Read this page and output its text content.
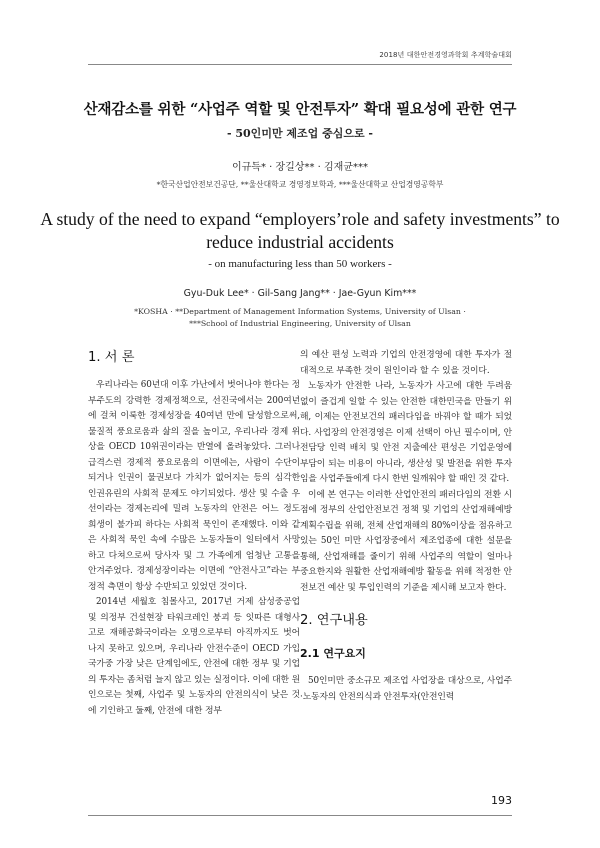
2018년 대한안전경영과학회 추계학술대회
산재감소를 위한 “사업주 역할 및 안전투자” 확대 필요성에 관한 연구
- 50인미만 제조업 중심으로 -
이규득* · 장길상** · 김재균***
*한국산업안전보건공단, **울산대학교 경영정보학과, ***울산대학교 산업경영공학부
A study of the need to expand “employers’role and safety investments” to reduce industrial accidents
- on manufacturing less than 50 workers -
Gyu-Duk Lee* · Gil-Sang Jang** · Jae-Gyun Kim***
*KOSHA · **Department of Management Information Systems, University of Ulsan ·
***School of Industrial Engineering, University of Ulsan
1. 서 론

우리나라는 60년대 이후 가난에서 벗어나야 한다는 정부주도의 강력한 경제정책으로, 선진국에서는 200여년에 걸쳐 이룩한 경제성장을 40여년 만에 달성함으로써, 물질적 풍요로움과 삶의 질을 높이고, 우리나라 경제 위상을 OECD 10위권이라는 반열에 올려놓았다. 그러나 급격스런 경제적 풍요로움의 이면에는, 사람이 수단이 되거나 인권이 물권보다 가치가 없어지는 등의 심각한 인권유린의 사회적 문제도 야기되었다. 생산 및 수출 우선이라는 경제논리에 밀려 노동자의 안전은 어느 정도 희생이 불가피 하다는 사회적 묵인이 존재했다. 이와 같은 사회적 묵인 속에 수많은 노동자들이 일터에서 사망하고 다쳐으로써 당사자 및 그 가족에게 엄청난 고통을 안겨주었다. 경제성장이라는 이면에 “안전사고”라는 부정적 측면이 항상 수반되고 있었던 것이다.

2014년 세월호 침몰사고, 2017년 거제 삼성중공업 및 의정부 건설현장 타워크레인 붕괴 등 잇따른 대형사고로 재해공화국이라는 오명으로부터 아직까지도 벗어나지 못하고 있으며, 우리나라 안전수준이 OECD 가입국가중 가장 낮은 단계임에도, 안전에 대한 정부 및 기업의 투자는 좀처럼 늘지 않고 있는 실정이다. 이에 대한 원인으로는 첫째, 사업주 및 노동자의 안전의식이 낮은 것에 기인하고 둘째, 안전에 대한 정부

의 예산 편성 노력과 기업의 안전경영에 대한 투자가 절대적으로 부족한 것이 원인이라 할 수 있을 것이다.

노동자가 안전한 나라, 노동자가 사고에 대한 두려움 없이 즐겁게 일할 수 있는 안전한 대한민국을 만들기 위해, 이제는 안전보건의 패러다임을 바꿔야 할 때가 되었다. 사업장의 안전경영은 이제 선택이 아닌 필수이며, 안전담당 인력 배치 및 안전 지출예산 편성은 기업운영에 부담이 되는 비용이 아니라, 생산성 및 발전을 위한 투자임을 사업주들에게 다시 한번 일깨워야 할 때인 것 같다.

이에 본 연구는 이러한 산업안전의 패러다임의 전환 시점에 정부의 산업안전보건 정책 및 기업의 산업재해예방 계획수립을 위해, 전체 산업재해의 80%이상을 점유하고 있는 50인 미만 사업장중에서 제조업종에 대한 설문을 통해, 산업재해를 줄이기 위해 사업주의 역할이 얼마나 중요한지와 원활한 산업재해예방 활동을 위해 적정한 안전보건 예산 및 투입인력의 기준을 제시해 보고자 한다.

2. 연구내용
2.1 연구요지

50인미만 중소규모 제조업 사업장을 대상으로, 사업주·노동자의 안전의식과 안전투자(안전인력

193
